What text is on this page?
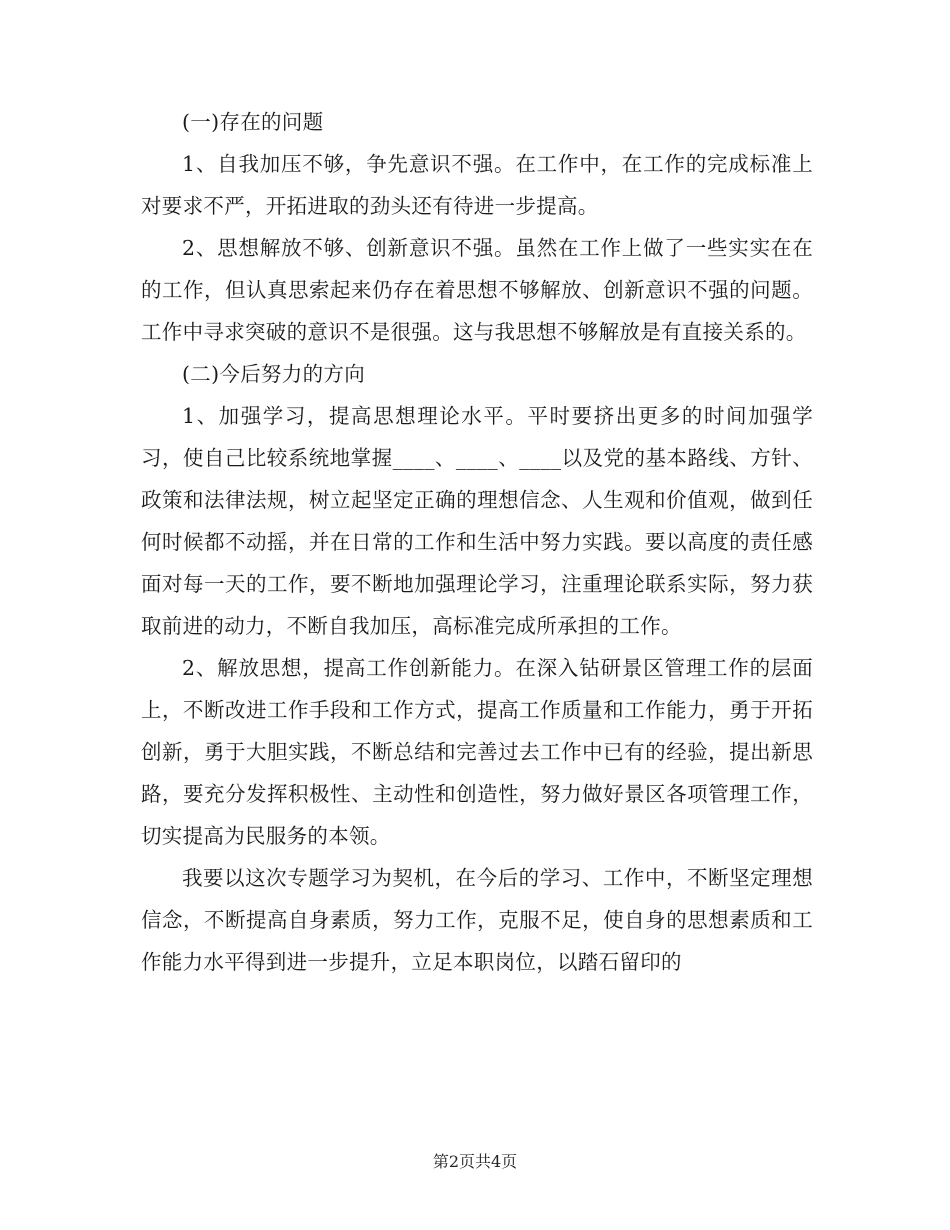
(一)存在的问题

1、自我加压不够，争先意识不强。在工作中，在工作的完成标准上对要求不严，开拓进取的劲头还有待进一步提高。

2、思想解放不够、创新意识不强。虽然在工作上做了一些实实在在的工作，但认真思索起来仍存在着思想不够解放、创新意识不强的问题。工作中寻求突破的意识不是很强。这与我思想不够解放是有直接关系的。

(二)今后努力的方向

1、加强学习，提高思想理论水平。平时要挤出更多的时间加强学习，使自己比较系统地掌握____、____、____以及党的基本路线、方针、政策和法律法规，树立起坚定正确的理想信念、人生观和价值观，做到任何时候都不动摇，并在日常的工作和生活中努力实践。要以高度的责任感面对每一天的工作，要不断地加强理论学习，注重理论联系实际，努力获取前进的动力，不断自我加压，高标准完成所承担的工作。

2、解放思想，提高工作创新能力。在深入钻研景区管理工作的层面上，不断改进工作手段和工作方式，提高工作质量和工作能力，勇于开拓创新，勇于大胆实践，不断总结和完善过去工作中已有的经验，提出新思路，要充分发挥积极性、主动性和创造性，努力做好景区各项管理工作，切实提高为民服务的本领。

我要以这次专题学习为契机，在今后的学习、工作中，不断坚定理想信念，不断提高自身素质，努力工作，克服不足，使自身的思想素质和工作能力水平得到进一步提升，立足本职岗位，以踏石留印的

第2页共4页
